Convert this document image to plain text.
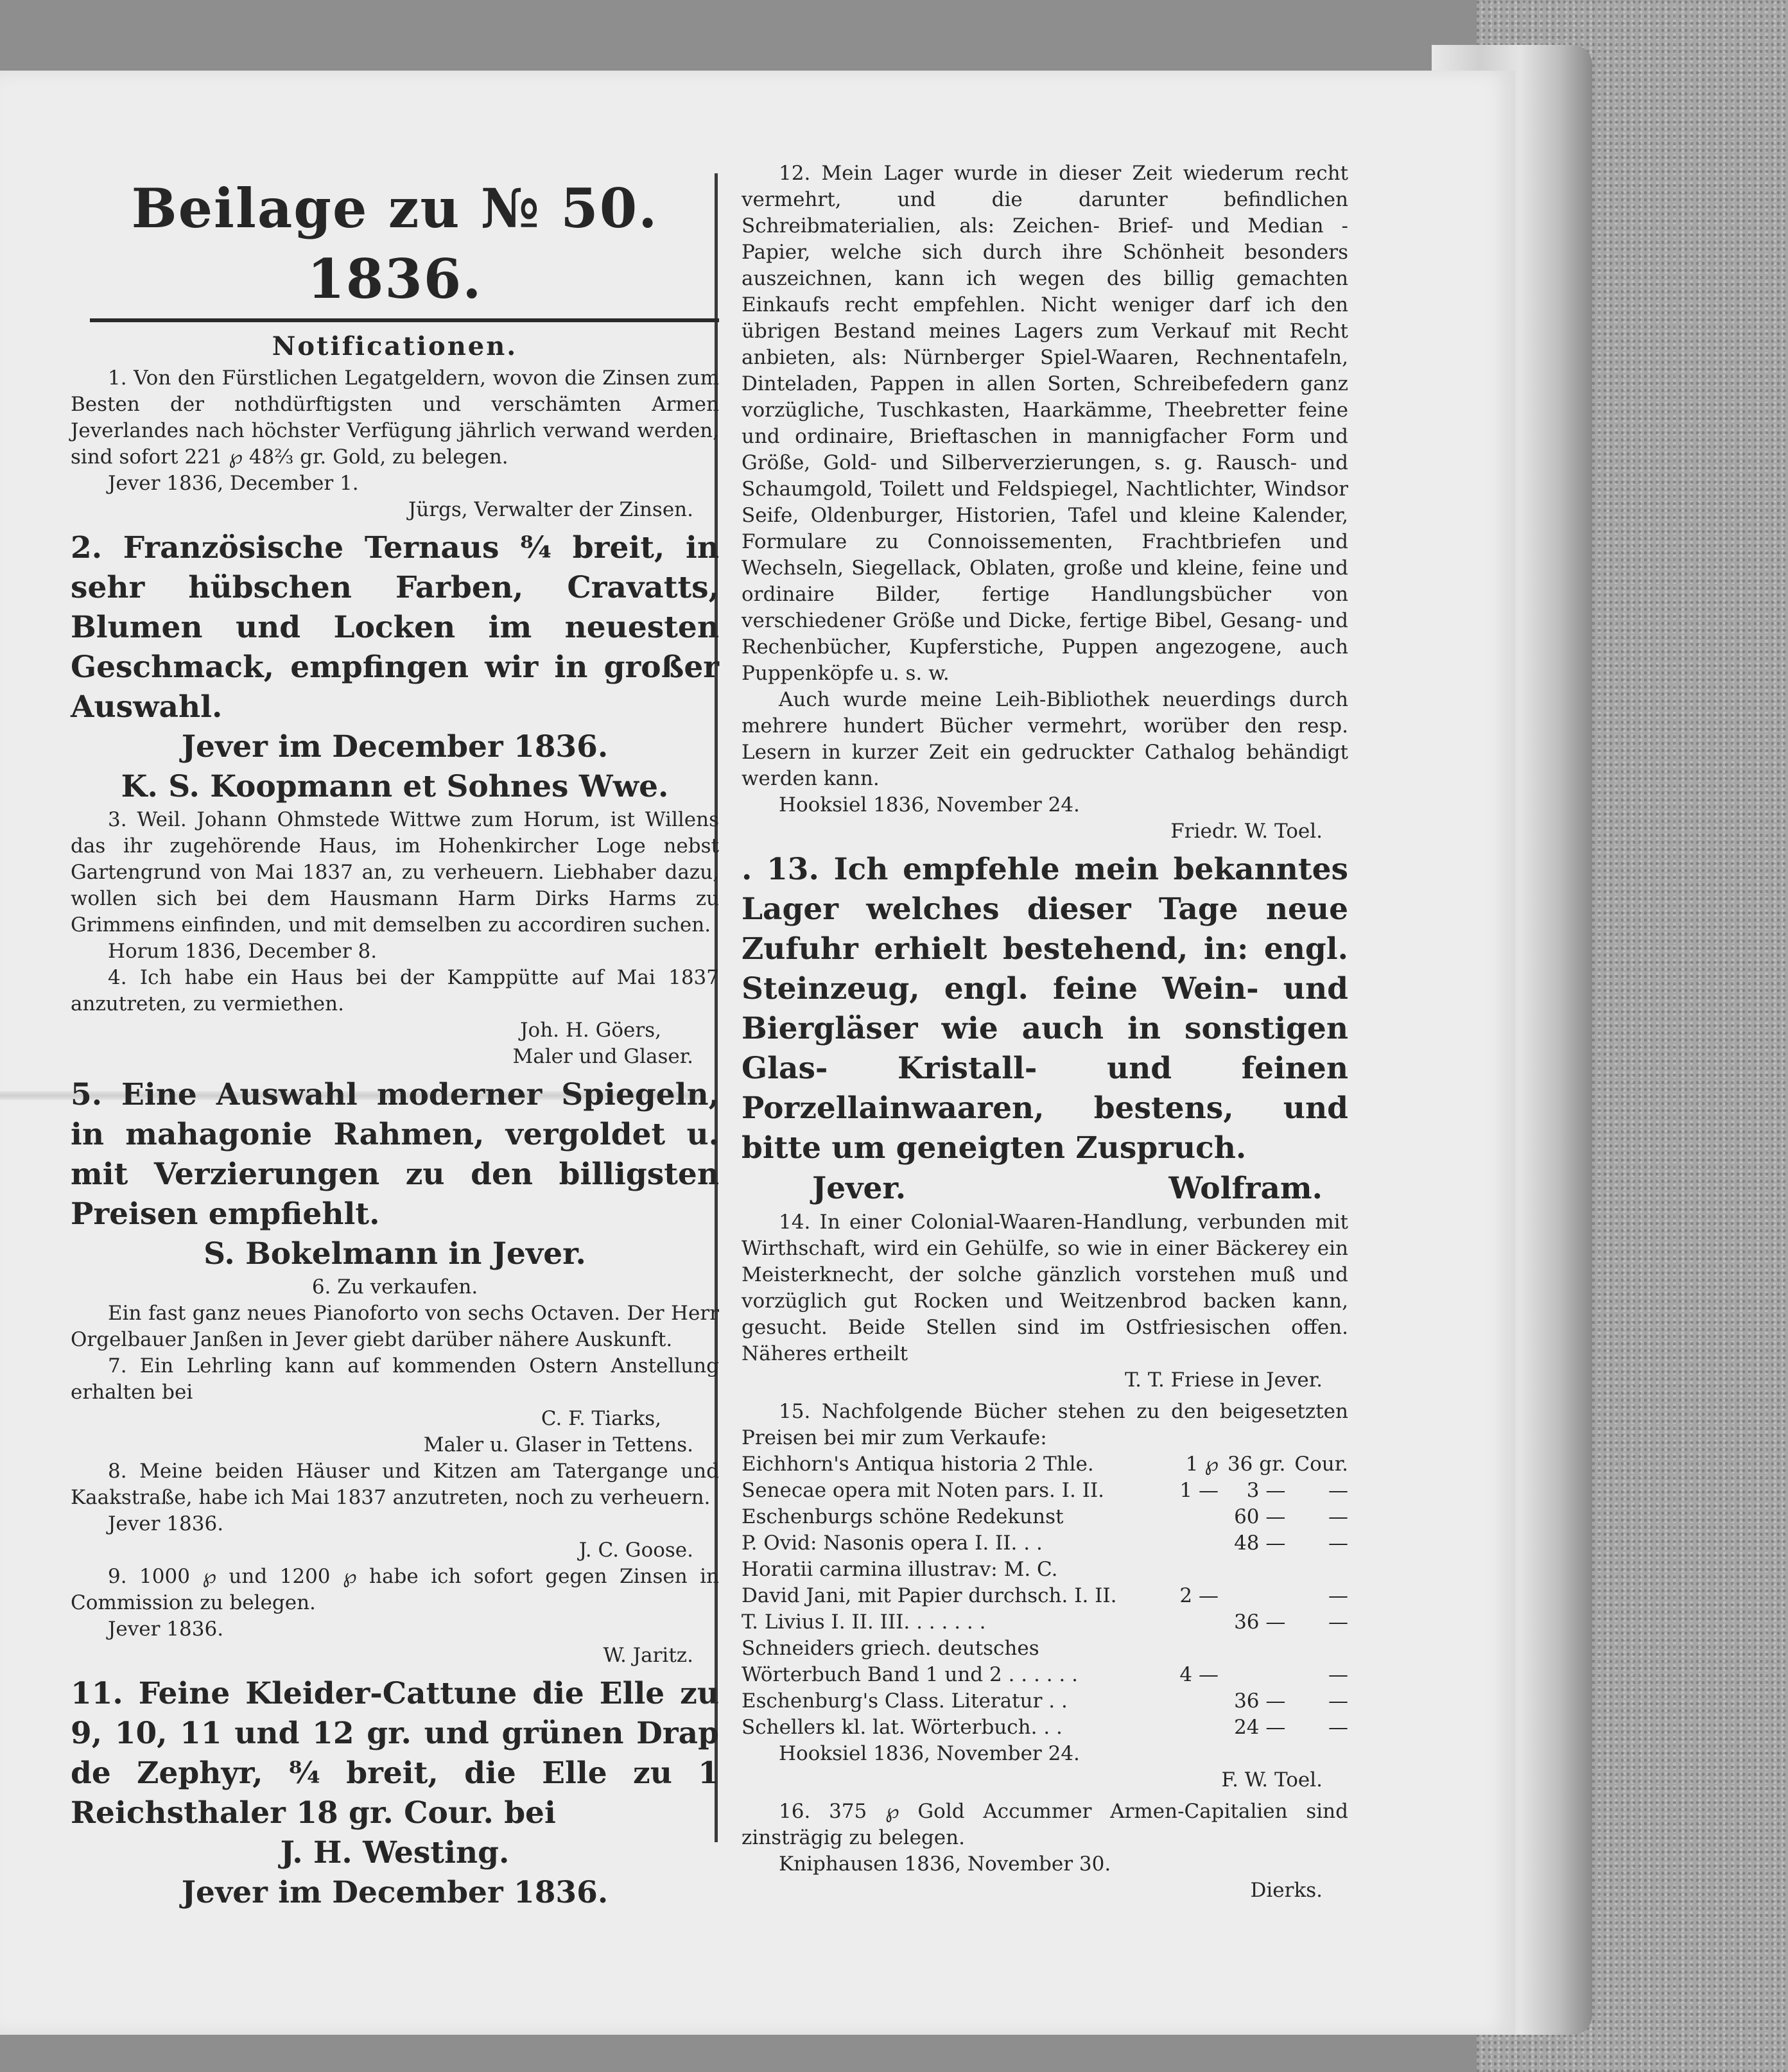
Beilage zu № 50. 1836.
Notificationen.

1. Von den Fürstlichen Legatgeldern, wovon die Zinsen zum Besten der nothdürftigsten und verschämten Armen Jeverlandes nach höchster Verfügung jährlich verwand werden, sind sofort 221 ℘ 48⅔ gr. Gold, zu belegen.

Jever 1836, December 1.

Jürgs, Verwalter der Zinsen.

2. Französische Ternaus ⁸⁄₄ breit, in sehr hübschen Farben, Cravatts, Blumen und Locken im neuesten Geschmack, empfingen wir in großer Auswahl.

Jever im December 1836.

K. S. Koopmann et Sohnes Wwe.

3. Weil. Johann Ohmstede Wittwe zum Horum, ist Willens das ihr zugehörende Haus, im Hohenkircher Loge nebst Gartengrund von Mai 1837 an, zu verheuern. Liebhaber dazu, wollen sich bei dem Hausmann Harm Dirks Harms zu Grimmens einfinden, und mit demselben zu accordiren suchen.

Horum 1836, December 8.

4. Ich habe ein Haus bei der Kamppütte auf Mai 1837 anzutreten, zu vermiethen.

Joh. H. Göers,

Maler und Glaser.

5. Eine Auswahl moderner Spiegeln, in mahagonie Rahmen, vergoldet u. mit Verzierungen zu den billigsten Preisen empfiehlt.

S. Bokelmann in Jever.

6. Zu verkaufen.

Ein fast ganz neues Pianoforto von sechs Octaven. Der Herr Orgelbauer Janßen in Jever giebt darüber nähere Auskunft.

7. Ein Lehrling kann auf kommenden Ostern Anstellung erhalten bei

C. F. Tiarks,

Maler u. Glaser in Tettens.

8. Meine beiden Häuser und Kitzen am Tatergange und Kaakstraße, habe ich Mai 1837 anzutreten, noch zu verheuern.

Jever 1836.

J. C. Goose.

9. 1000 ℘ und 1200 ℘ habe ich sofort gegen Zinsen in Commission zu belegen.

Jever 1836.

W. Jaritz.

11. Feine Kleider-Cattune die Elle zu 9, 10, 11 und 12 gr. und grünen Drap de Zephyr, ⁸⁄₄ breit, die Elle zu 1 Reichsthaler 18 gr. Cour. bei

J. H. Westing.

Jever im December 1836.

12. Mein Lager wurde in dieser Zeit wiederum recht vermehrt, und die darunter befindlichen Schreibmaterialien, als: Zeichen- Brief- und Median - Papier, welche sich durch ihre Schönheit besonders auszeichnen, kann ich wegen des billig gemachten Einkaufs recht empfehlen. Nicht weniger darf ich den übrigen Bestand meines Lagers zum Verkauf mit Recht anbieten, als: Nürnberger Spiel-Waaren, Rechnentafeln, Dinteladen, Pappen in allen Sorten, Schreibefedern ganz vorzügliche, Tuschkasten, Haarkämme, Theebretter feine und ordinaire, Brieftaschen in mannigfacher Form und Größe, Gold- und Silberverzierungen, s. g. Rausch- und Schaumgold, Toilett und Feldspiegel, Nachtlichter, Windsor Seife, Oldenburger, Historien, Tafel und kleine Kalender, Formulare zu Connoissementen, Frachtbriefen und Wechseln, Siegellack, Oblaten, große und kleine, feine und ordinaire Bilder, fertige Handlungsbücher von verschiedener Größe und Dicke, fertige Bibel, Gesang- und Rechenbücher, Kupferstiche, Puppen angezogene, auch Puppenköpfe u. s. w.

Auch wurde meine Leih-Bibliothek neuerdings durch mehrere hundert Bücher vermehrt, worüber den resp. Lesern in kurzer Zeit ein gedruckter Cathalog behändigt werden kann.

Hooksiel 1836, November 24.

Friedr. W. Toel.

. 13. Ich empfehle mein bekanntes Lager welches dieser Tage neue Zufuhr erhielt bestehend, in: engl. Steinzeug, engl. feine Wein- und Biergläser wie auch in sonstigen Glas- Kristall- und feinen Porzellainwaaren, bestens, und bitte um geneigten Zuspruch.

Jever.	Wolfram.

14. In einer Colonial-Waaren-Handlung, verbunden mit Wirthschaft, wird ein Gehülfe, so wie in einer Bäckerey ein Meisterknecht, der solche gänzlich vorstehen muß und vorzüglich gut Rocken und Weitzenbrod backen kann, gesucht. Beide Stellen sind im Ostfriesischen offen. Näheres ertheilt

T. T. Friese in Jever.

15. Nachfolgende Bücher stehen zu den beigesetzten Preisen bei mir zum Verkaufe:

Eichhorn's Antiqua historia 2 Thle.	1 ℘	36 gr.	Cour.
Senecae opera mit Noten pars. I. II.	1 —	3 —	—
Eschenburgs schöne Redekunst		60 —	—
P. Ovid: Nasonis opera I. II. . .		48 —	—
Horatii carmina illustrav: M. C.			
David Jani, mit Papier durchsch. I. II.	2 —		—
T. Livius I. II. III. . . . . . .		36 —	—
Schneiders griech. deutsches Wörterbuch Band 1 und 2 . . . . . .	4 —		—
Eschenburg's Class. Literatur . .		36 —	—
Schellers kl. lat. Wörterbuch. . .		24 —	—

Hooksiel 1836, November 24.

F. W. Toel.

16. 375 ℘ Gold Accummer Armen-Capitalien sind zinsträgig zu belegen.

Kniphausen 1836, November 30.

Dierks.
